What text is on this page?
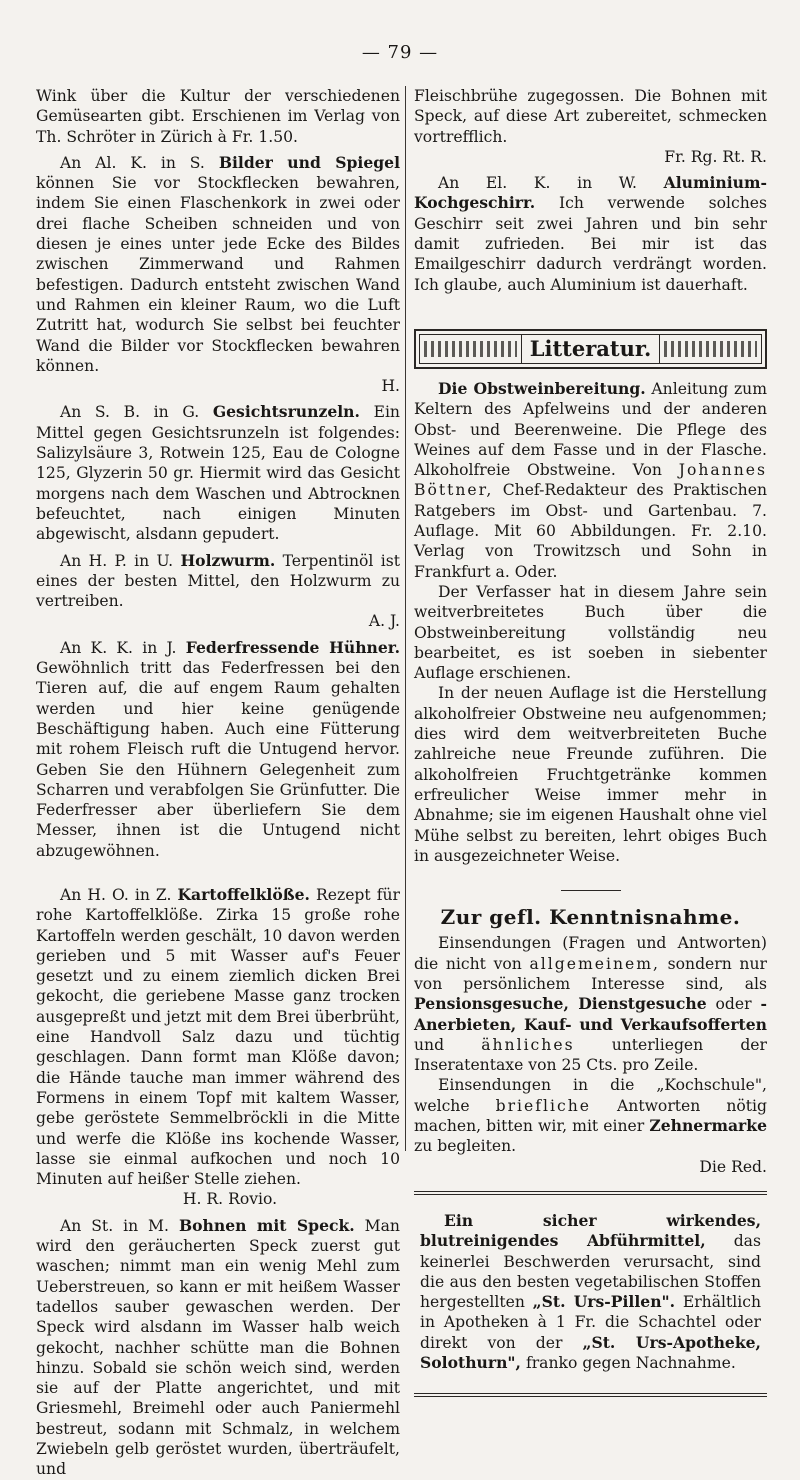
— 79 —

Wink über die Kultur der verschiedenen Gemüsearten gibt. Erschienen im Verlag von Th. Schröter in Zürich à Fr. 1.50.

An Al. K. in S. Bilder und Spiegel können Sie vor Stockflecken bewahren, indem Sie einen Flaschenkork in zwei oder drei flache Scheiben schneiden und von diesen je eines unter jede Ecke des Bildes zwischen Zimmerwand und Rahmen befestigen. Dadurch entsteht zwischen Wand und Rahmen ein kleiner Raum, wo die Luft Zutritt hat, wodurch Sie selbst bei feuchter Wand die Bilder vor Stockflecken bewahren können.
H.

An S. B. in G. Gesichtsrunzeln. Ein Mittel gegen Gesichtsrunzeln ist folgendes: Salizylsäure 3, Rotwein 125, Eau de Cologne 125, Glyzerin 50 gr. Hiermit wird das Gesicht morgens nach dem Waschen und Abtrocknen befeuchtet, nach einigen Minuten abgewischt, alsdann gepudert.

An H. P. in U. Holzwurm. Terpentinöl ist eines der besten Mittel, den Holzwurm zu vertreiben.
A. J.

An K. K. in J. Federfressende Hühner. Gewöhnlich tritt das Federfressen bei den Tieren auf, die auf engem Raum gehalten werden und hier keine genügende Beschäftigung haben. Auch eine Fütterung mit rohem Fleisch ruft die Untugend hervor. Geben Sie den Hühnern Gelegenheit zum Scharren und verabfolgen Sie Grünfutter. Die Federfresser aber überliefern Sie dem Messer, ihnen ist die Untugend nicht abzugewöhnen.

An H. O. in Z. Kartoffelklöße. Rezept für rohe Kartoffelklöße. Zirka 15 große rohe Kartoffeln werden geschält, 10 davon werden gerieben und 5 mit Wasser auf's Feuer gesetzt und zu einem ziemlich dicken Brei gekocht, die geriebene Masse ganz trocken ausgepreßt und jetzt mit dem Brei überbrüht, eine Handvoll Salz dazu und tüchtig geschlagen. Dann formt man Klöße davon; die Hände tauche man immer während des Formens in einem Topf mit kaltem Wasser, gebe geröstete Semmelbröckli in die Mitte und werfe die Klöße ins kochende Wasser, lasse sie einmal aufkochen und noch 10 Minuten auf heißer Stelle ziehen.
H. R. Rovio.

An St. in M. Bohnen mit Speck. Man wird den geräucherten Speck zuerst gut waschen; nimmt man ein wenig Mehl zum Ueberstreuen, so kann er mit heißem Wasser tadellos sauber gewaschen werden. Der Speck wird alsdann im Wasser halb weich gekocht, nachher schütte man die Bohnen hinzu. Sobald sie schön weich sind, werden sie auf der Platte angerichtet, und mit Griesmehl, Breimehl oder auch Paniermehl bestreut, sodann mit Schmalz, in welchem Zwiebeln gelb geröstet wurden, überträufelt, und

Fleischbrühe zugegossen. Die Bohnen mit Speck, auf diese Art zubereitet, schmecken vortrefflich.
Fr. Rg. Rt. R.

An El. K. in W. Aluminium-Kochgeschirr. Ich verwende solches Geschirr seit zwei Jahren und bin sehr damit zufrieden. Bei mir ist das Emailgeschirr dadurch verdrängt worden. Ich glaube, auch Aluminium ist dauerhaft.

Litteratur.

Die Obstweinbereitung. Anleitung zum Keltern des Apfelweins und der anderen Obst- und Beerenweine. Die Pflege des Weines auf dem Fasse und in der Flasche. Alkoholfreie Obstweine. Von Johannes Böttner, Chef-Redakteur des Praktischen Ratgebers im Obst- und Gartenbau. 7. Auflage. Mit 60 Abbildungen. Fr. 2.10. Verlag von Trowitzsch und Sohn in Frankfurt a. Oder.

Der Verfasser hat in diesem Jahre sein weitverbreitetes Buch über die Obstweinbereitung vollständig neu bearbeitet, es ist soeben in siebenter Auflage erschienen.

In der neuen Auflage ist die Herstellung alkoholfreier Obstweine neu aufgenommen; dies wird dem weitverbreiteten Buche zahlreiche neue Freunde zuführen. Die alkoholfreien Fruchtgetränke kommen erfreulicher Weise immer mehr in Abnahme; sie im eigenen Haushalt ohne viel Mühe selbst zu bereiten, lehrt obiges Buch in ausgezeichneter Weise.

Zur gefl. Kenntnisnahme.

Einsendungen (Fragen und Antworten) die nicht von allgemeinem, sondern nur von persönlichem Interesse sind, als Pensionsgesuche, Dienstgesuche oder -Anerbieten, Kauf- und Verkaufsofferten und ähnliches unterliegen der Inseratentaxe von 25 Cts. pro Zeile.

Einsendungen in die „Kochschule", welche briefliche Antworten nötig machen, bitten wir, mit einer Zehnermarke zu begleiten.

Die Red.

Ein sicher wirkendes, blutreinigendes Abführmittel, das keinerlei Beschwerden verursacht, sind die aus den besten vegetabilischen Stoffen hergestellten „St. Urs-Pillen". Erhältlich in Apotheken à 1 Fr. die Schachtel oder direkt von der „St. Urs-Apotheke, Solothurn", franko gegen Nachnahme.
